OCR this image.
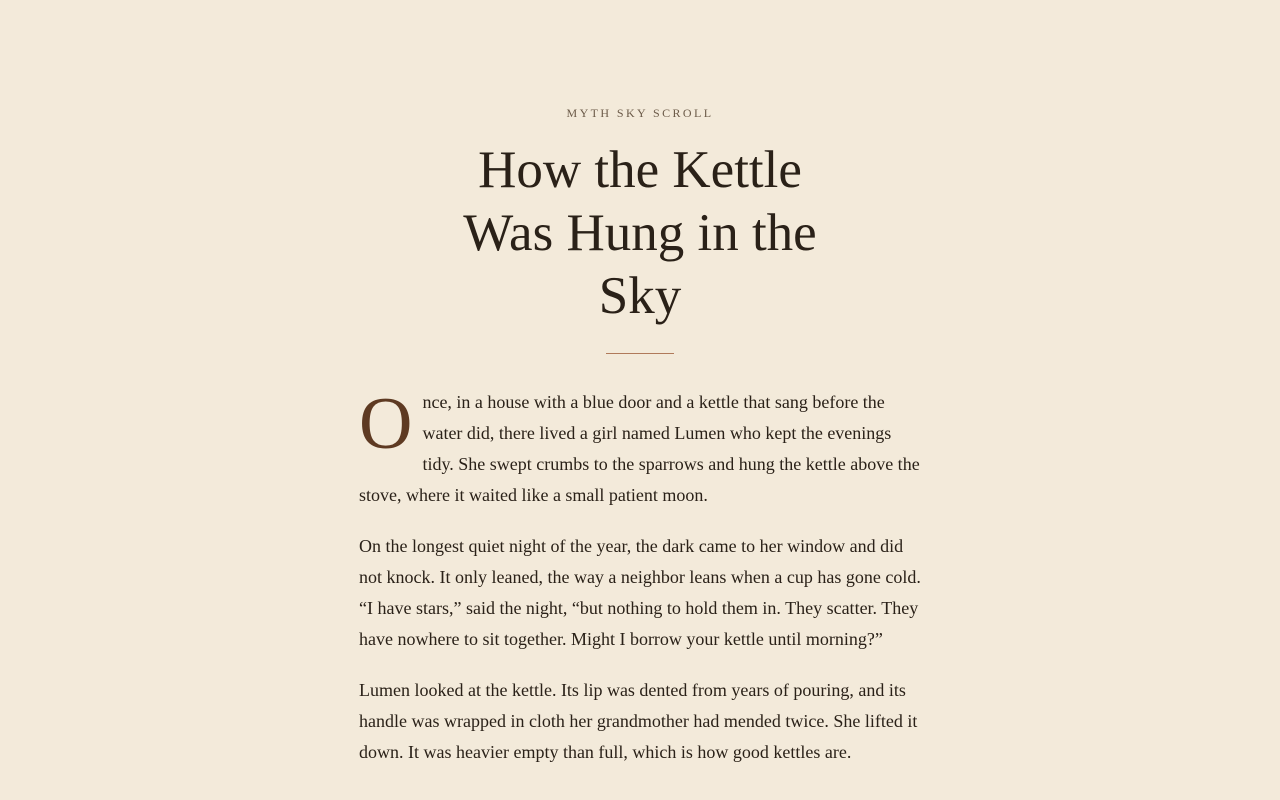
MYTH SKY SCROLL
How the Kettle Was Hung in the Sky

Once, in a house with a blue door and a kettle that sang before the water did, there lived a girl named Lumen who kept the evenings tidy. She swept crumbs to the sparrows and hung the kettle above the stove, where it waited like a small patient moon.

On the longest quiet night of the year, the dark came to her window and did not knock. It only leaned, the way a neighbor leans when a cup has gone cold. “I have stars,” said the night, “but nothing to hold them in. They scatter. They have nowhere to sit together. Might I borrow your kettle until morning?”

Lumen looked at the kettle. Its lip was dented from years of pouring, and its handle was wrapped in cloth her grandmother had mended twice. She lifted it down. It was heavier empty than full, which is how good kettles are.
